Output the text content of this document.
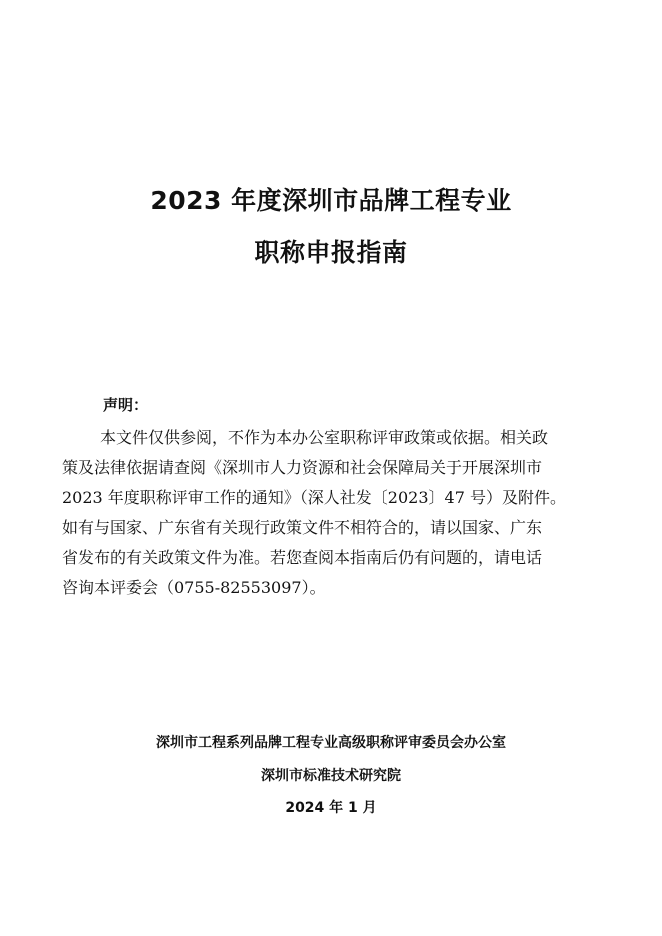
2023 年度深圳市品牌工程专业
职称申报指南
声明：
本文件仅供参阅，不作为本办公室职称评审政策或依据。相关政
策及法律依据请查阅《深圳市人力资源和社会保障局关于开展深圳市
2023 年度职称评审工作的通知》（深人社发〔2023〕47 号）及附件。
如有与国家、广东省有关现行政策文件不相符合的，请以国家、广东
省发布的有关政策文件为准。若您查阅本指南后仍有问题的，请电话
咨询本评委会（0755-82553097）。
深圳市工程系列品牌工程专业高级职称评审委员会办公室
深圳市标准技术研究院
2024 年 1 月
